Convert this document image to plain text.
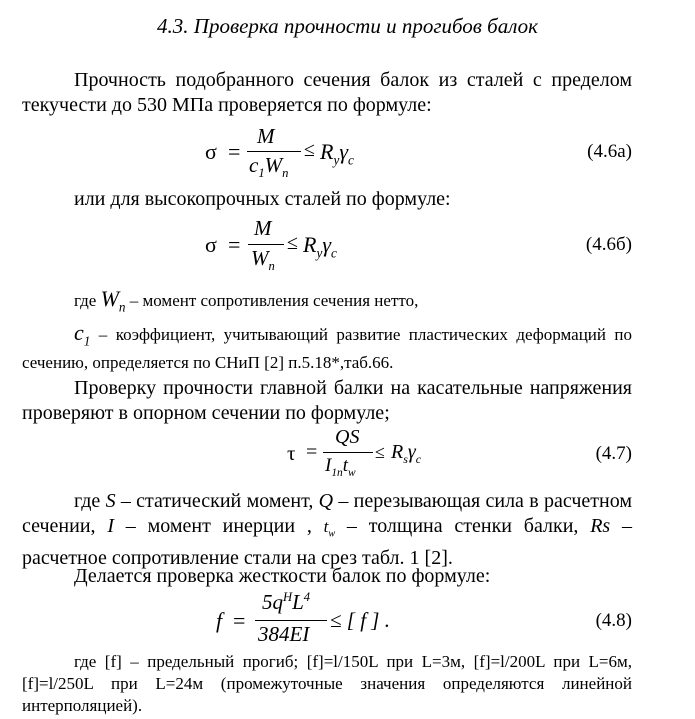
4.3. Проверка прочности и прогибов балок
Прочность подобранного сечения балок из сталей с пределом текучести до 530 МПа проверяется по формуле:
σ =
M
$c_1W_n$
≤ $R_y\gamma_c$	(4.6а)
или для высокопрочных сталей по формуле:
σ =
M
$W_n$
≤ $R_y\gamma_c$	(4.6б)
где $W_n$ – момент сопротивления сечения нетто,
$c_1$ – коэффициент, учитывающий развитие пластических деформаций по сечению, определяется по СНиП [2] п.5.18*,таб.66.
Проверку прочности главной балки на касательные напряжения проверяют в опорном сечении по формуле;
τ =
QS
$I_{1n}t_w$
≤ $R_s\gamma_c$	(4.7)
где S – статический момент, Q – перезывающая сила в расчетном сечении, I – момент инерции , $t_w$ – толщина стенки балки, Rs – расчетное сопротивление стали на срез табл. 1 [2].
Делается проверка жесткости балок по формуле:
f =
$5q^HL^4$
384EI
≤ [ f ] .	(4.8)
где [f] – предельный прогиб; [f]=l/150L при L=3м, [f]=l/200L при L=6м, [f]=l/250L при L=24м (промежуточные значения определяются линейной интерполяцией).
